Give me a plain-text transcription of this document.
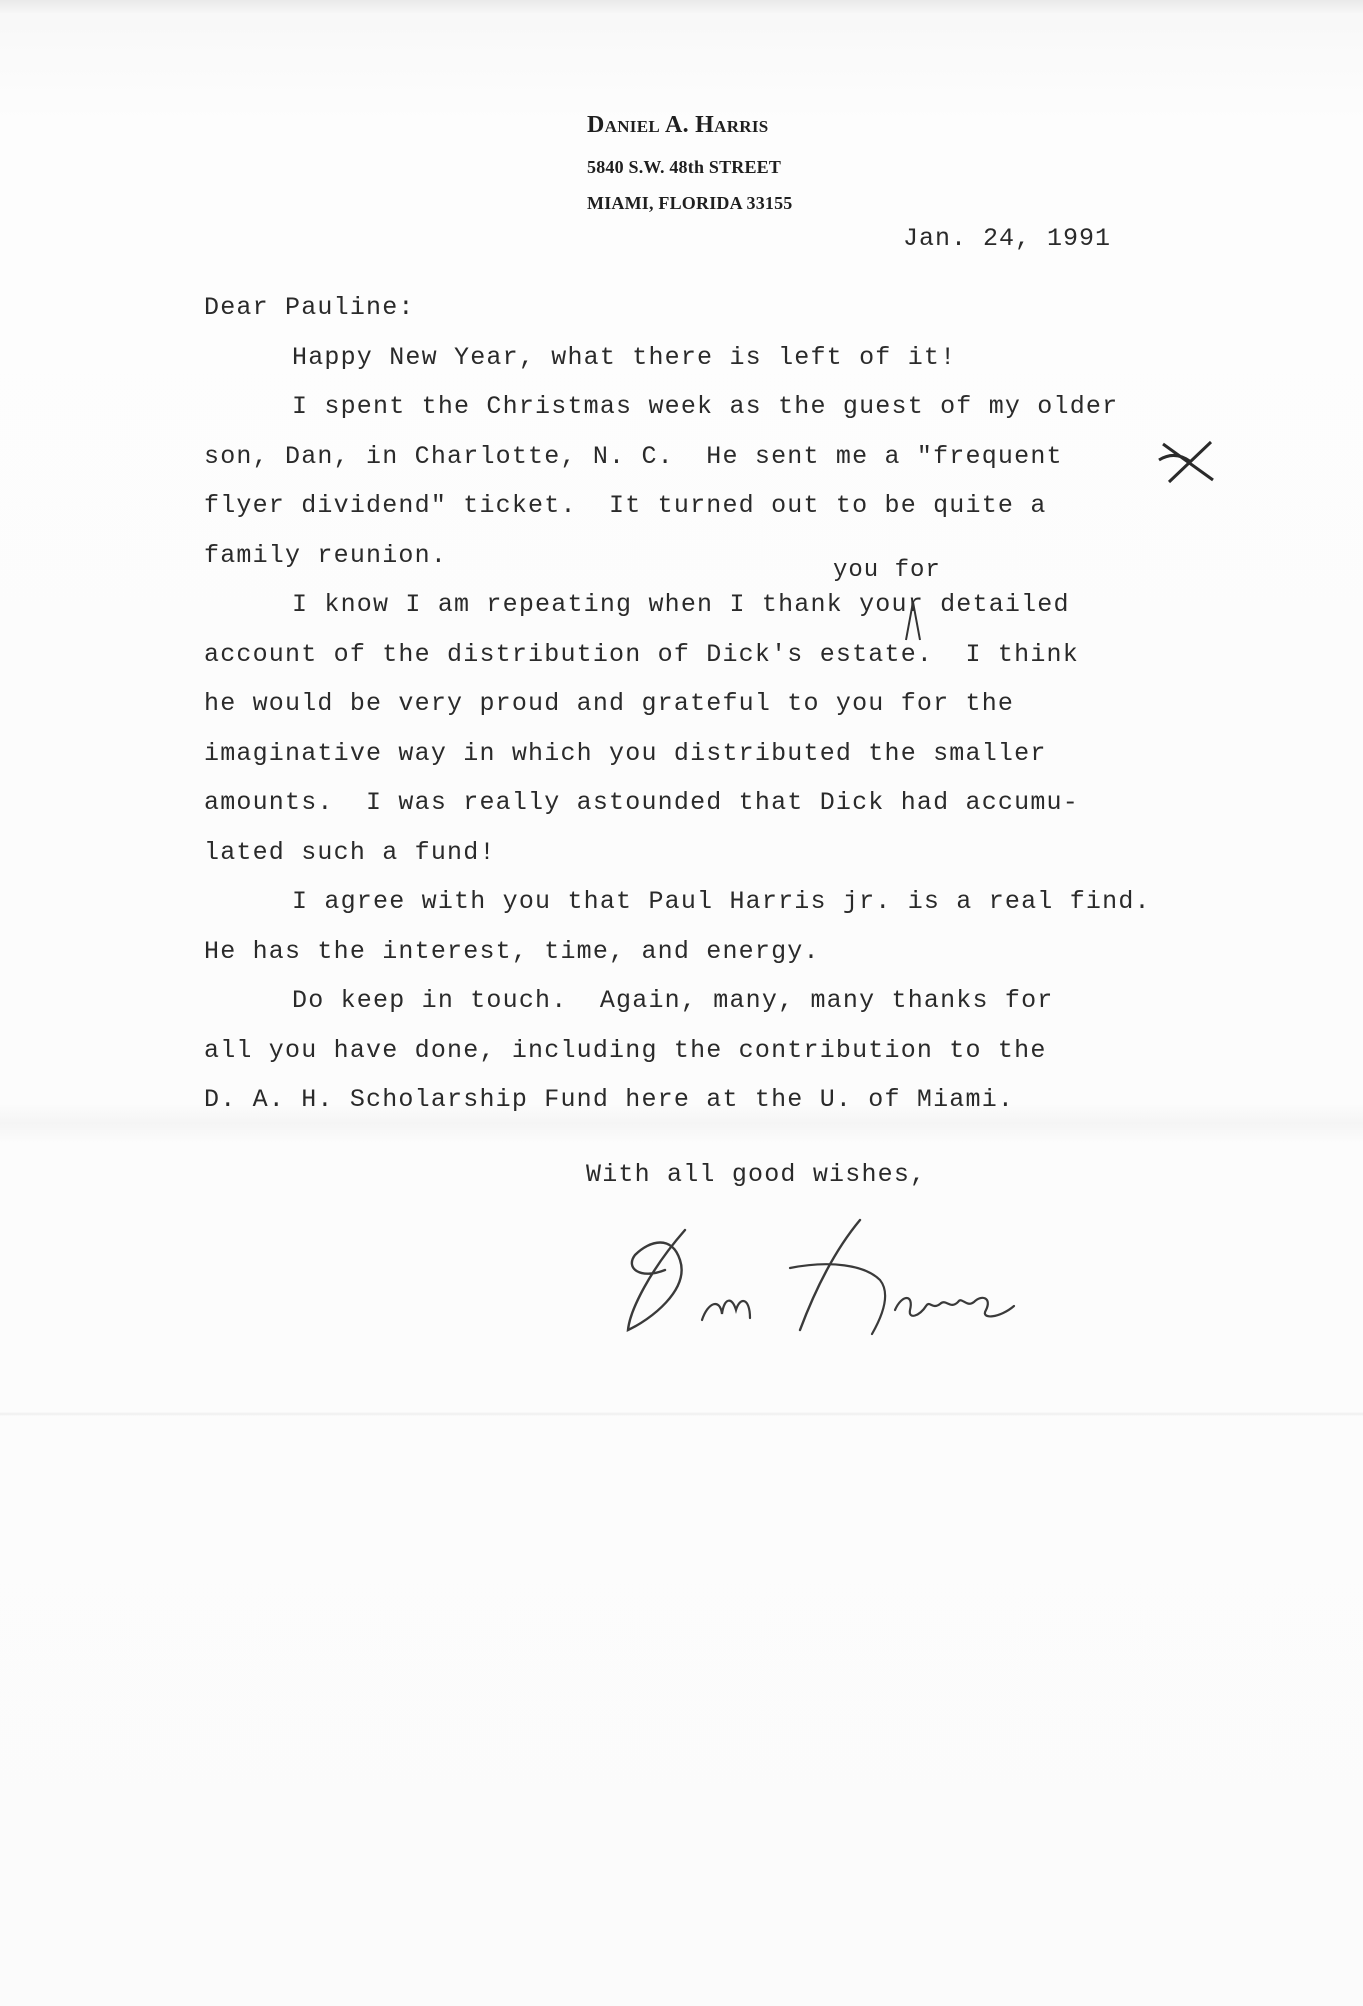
Daniel A. Harris
5840 S.W. 48th STREET
MIAMI, FLORIDA 33155
Jan. 24, 1991
Dear Pauline:
Happy New Year, what there is left of it!
I spent the Christmas week as the guest of my older
son, Dan, in Charlotte, N. C.  He sent me a "frequent
flyer dividend" ticket.  It turned out to be quite a
family reunion.
I know I am repeating when I thank your detailed
account of the distribution of Dick's estate.  I think
he would be very proud and grateful to you for the
imaginative way in which you distributed the smaller
amounts.  I was really astounded that Dick had accumu-
lated such a fund!
I agree with you that Paul Harris jr. is a real find.
He has the interest, time, and energy.
Do keep in touch.  Again, many, many thanks for
all you have done, including the contribution to the
D. A. H. Scholarship Fund here at the U. of Miami.
you for
With all good wishes,
